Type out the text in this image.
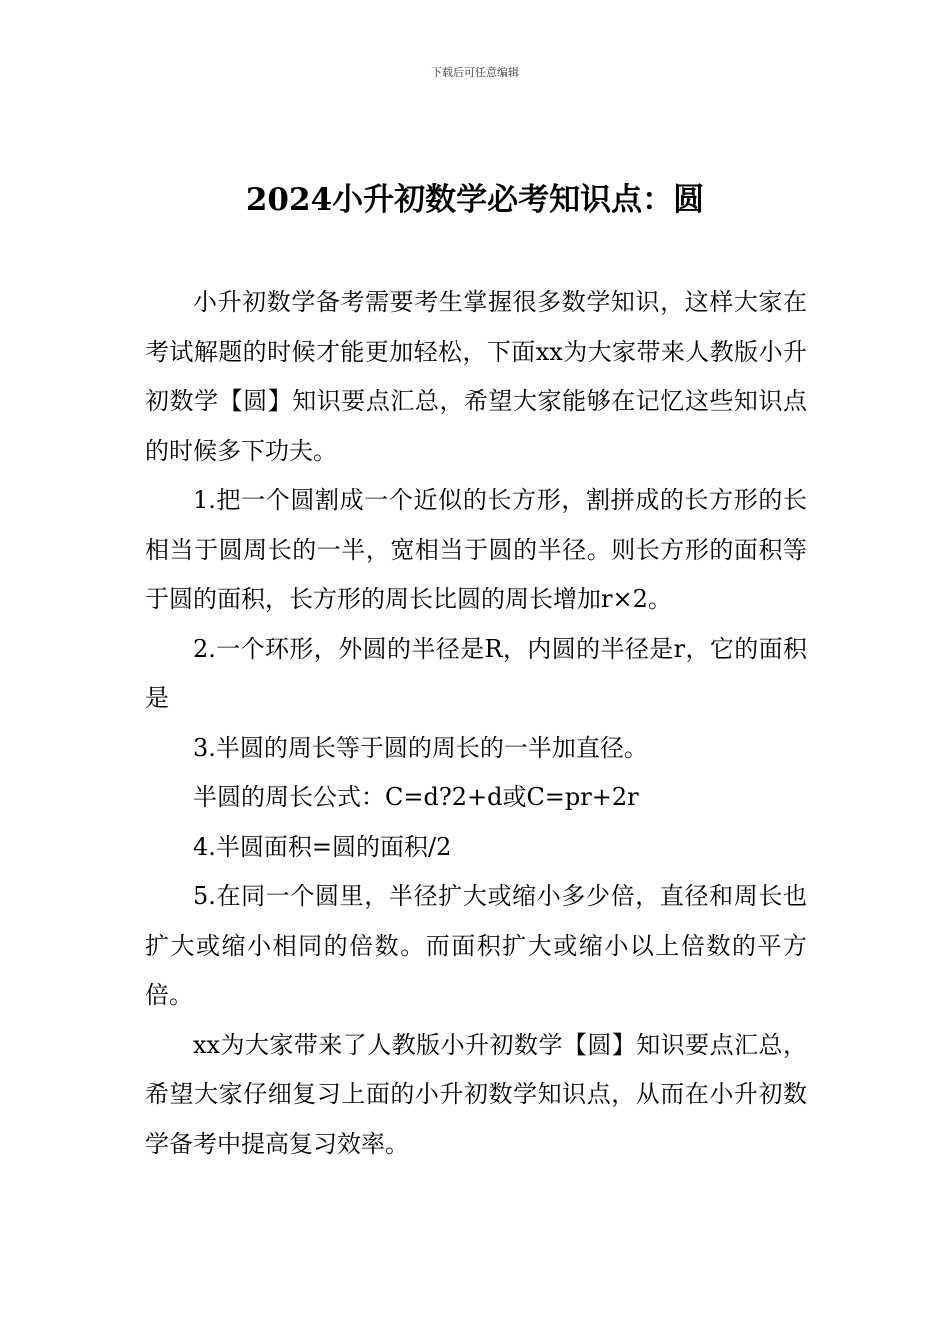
下载后可任意编辑
2024小升初数学必考知识点：圆

小升初数学备考需要考生掌握很多数学知识，这样大家在考试解题的时候才能更加轻松，下面xx为大家带来人教版小升初数学【圆】知识要点汇总，希望大家能够在记忆这些知识点的时候多下功夫。

1.把一个圆割成一个近似的长方形，割拼成的长方形的长相当于圆周长的一半，宽相当于圆的半径。则长方形的面积等于圆的面积，长方形的周长比圆的周长增加r×2。

2.一个环形，外圆的半径是R，内圆的半径是r，它的面积是

3.半圆的周长等于圆的周长的一半加直径。

半圆的周长公式：C=d?2+d或C=pr+2r

4.半圆面积=圆的面积/2

5.在同一个圆里，半径扩大或缩小多少倍，直径和周长也扩大或缩小相同的倍数。而面积扩大或缩小以上倍数的平方倍。

xx为大家带来了人教版小升初数学【圆】知识要点汇总，希望大家仔细复习上面的小升初数学知识点，从而在小升初数学备考中提高复习效率。
